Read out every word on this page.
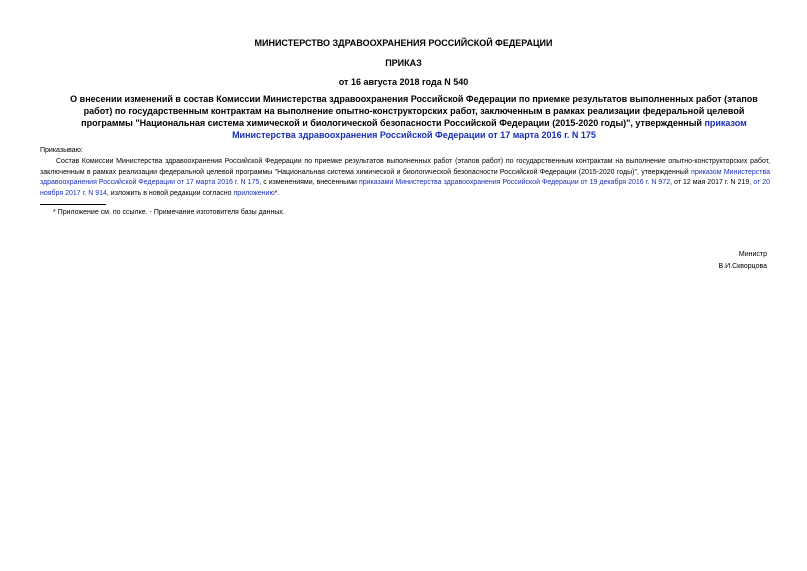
МИНИСТЕРСТВО ЗДРАВООХРАНЕНИЯ РОССИЙСКОЙ ФЕДЕРАЦИИ
ПРИКАЗ
от 16 августа 2018 года N 540
О внесении изменений в состав Комиссии Министерства здравоохранения Российской Федерации по приемке результатов выполненных работ (этапов работ) по государственным контрактам на выполнение опытно-конструкторских работ, заключенным в рамках реализации федеральной целевой программы "Национальная система химической и биологической безопасности Российской Федерации (2015-2020 годы)", утвержденный приказом Министерства здравоохранения Российской Федерации от 17 марта 2016 г. N 175
Приказываю:
Состав Комиссии Министерства здравоохранения Российской Федерации по приемке результатов выполненных работ (этапов работ) по государственным контрактам на выполнение опытно-конструкторских работ, заключенным в рамках реализации федеральной целевой программы "Национальная система химической и биологической безопасности Российской Федерации (2015-2020 годы)", утвержденный приказом Министерства здравоохранения Российской Федерации от 17 марта 2016 г. N 175, с изменениями, внесенными приказами Министерства здравоохранения Российской Федерации от 19 декабря 2016 г. N 972, от 12 мая 2017 г. N 219, от 20 ноября 2017 г. N 914, изложить в новой редакции согласно приложению*.
* Приложение см. по ссылке. - Примечание изготовителя базы данных.
Министр
В.И.Скворцова
